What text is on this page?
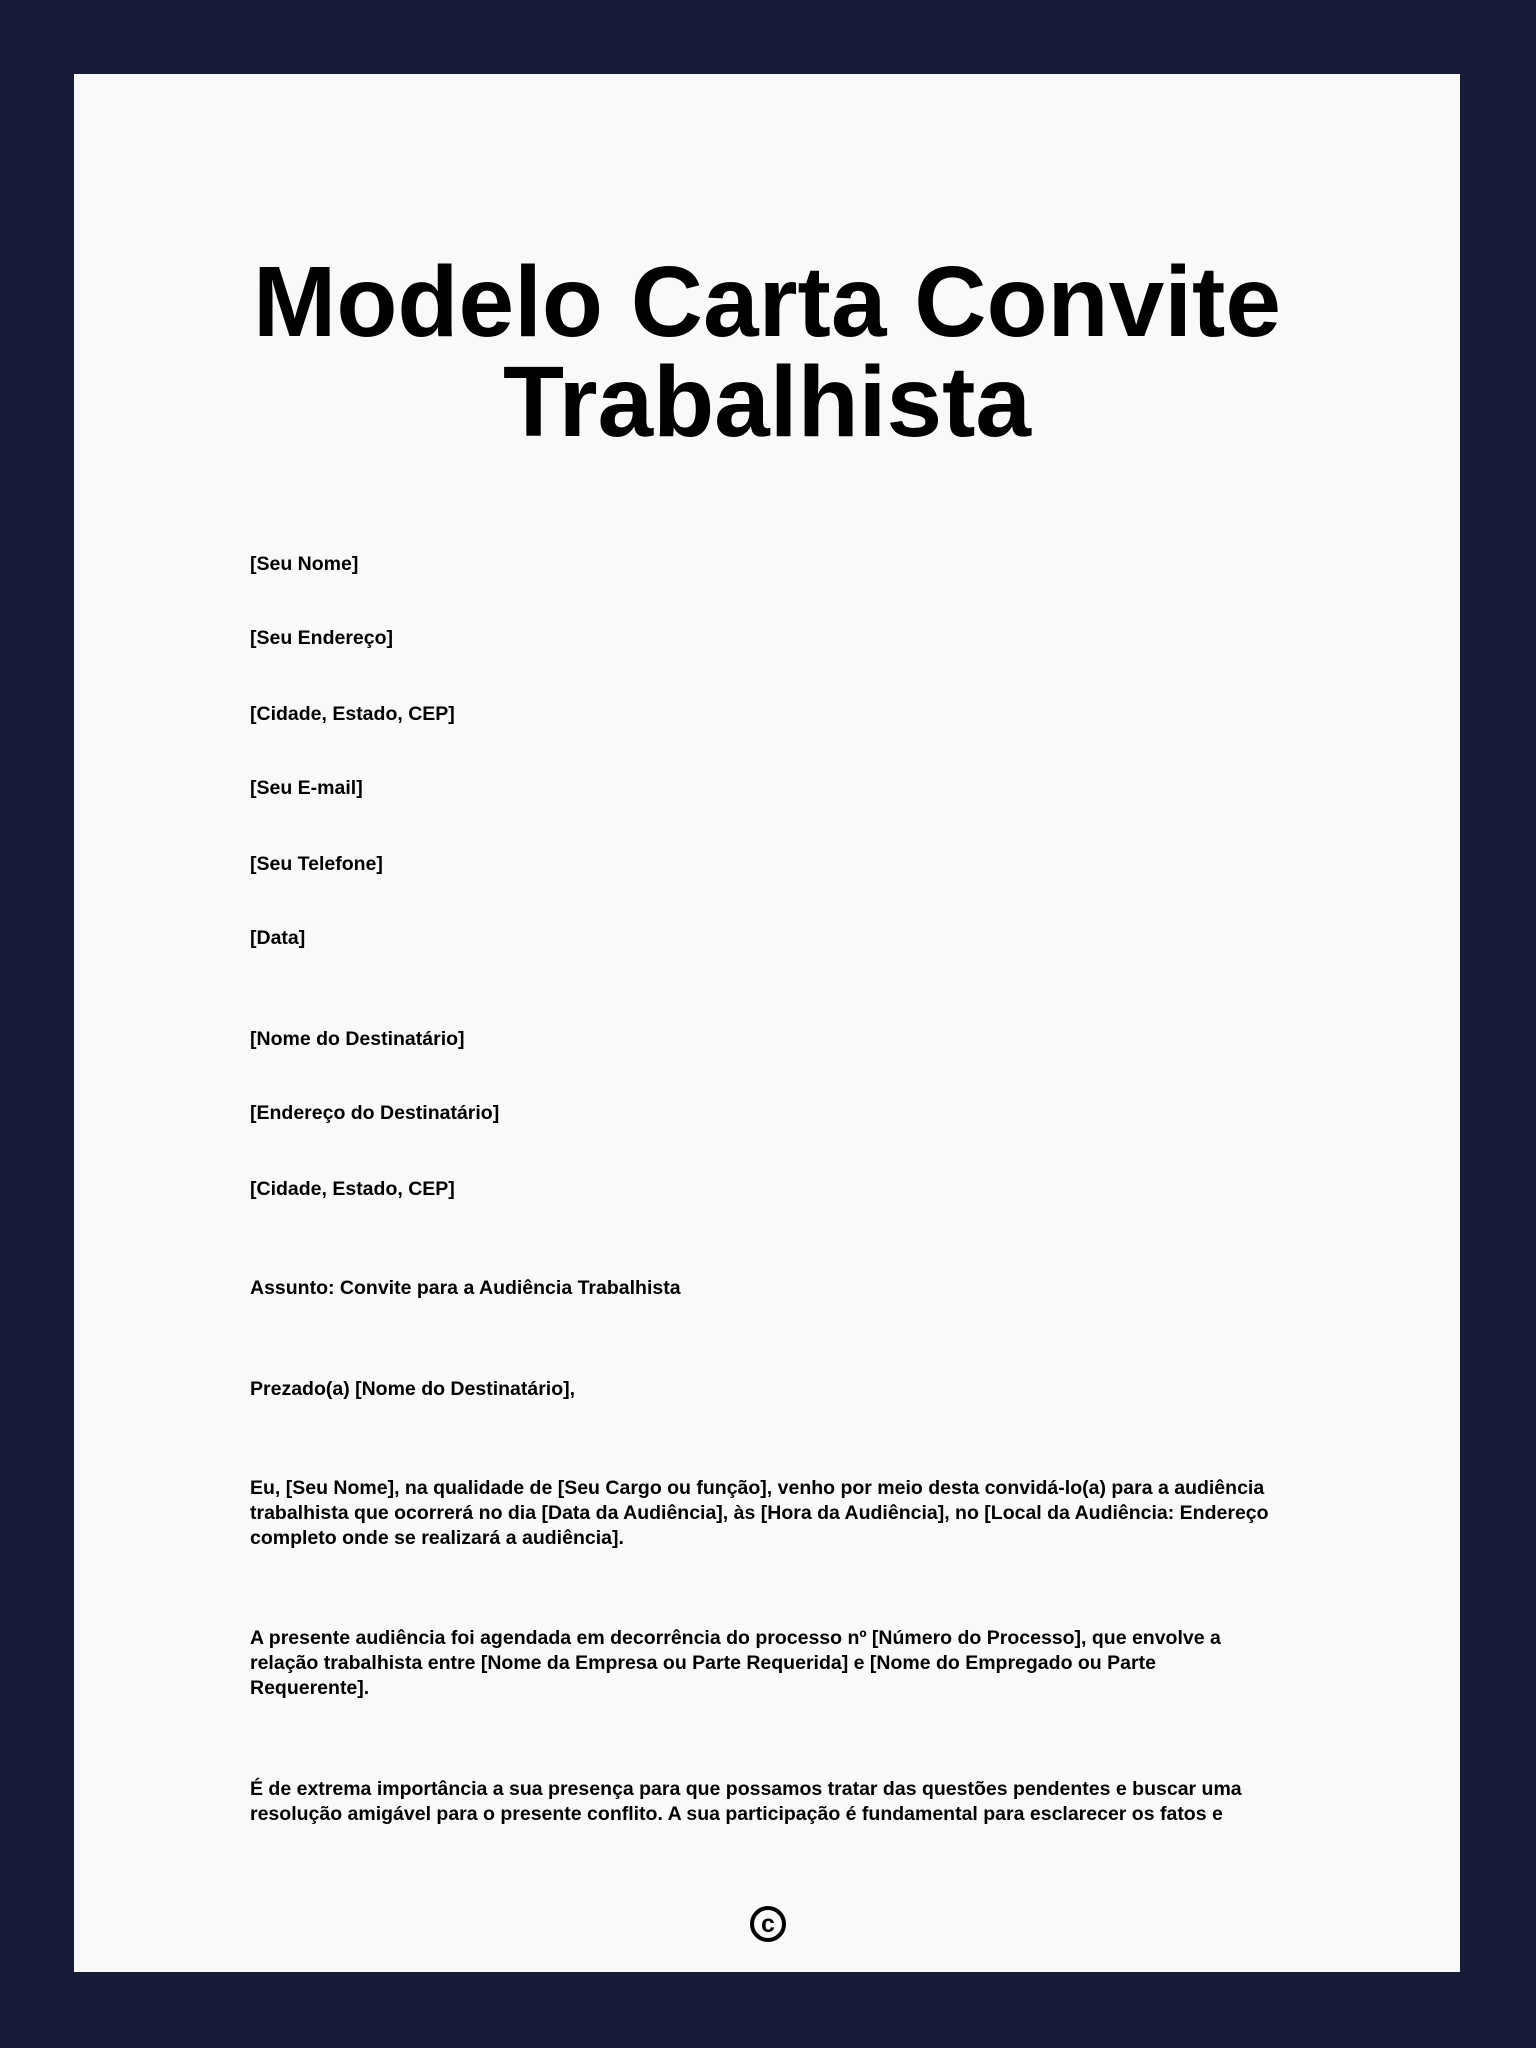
Modelo Carta Convite Trabalhista

[Seu Nome]

[Seu Endereço]

[Cidade, Estado, CEP]

[Seu E-mail]

[Seu Telefone]

[Data]

[Nome do Destinatário]

[Endereço do Destinatário]

[Cidade, Estado, CEP]

Assunto: Convite para a Audiência Trabalhista

Prezado(a) [Nome do Destinatário],

Eu, [Seu Nome], na qualidade de [Seu Cargo ou função], venho por meio desta convidá-lo(a) para a audiência trabalhista que ocorrerá no dia [Data da Audiência], às [Hora da Audiência], no [Local da Audiência: Endereço completo onde se realizará a audiência].

A presente audiência foi agendada em decorrência do processo nº [Número do Processo], que envolve a relação trabalhista entre [Nome da Empresa ou Parte Requerida] e [Nome do Empregado ou Parte Requerente].

É de extrema importância a sua presença para que possamos tratar das questões pendentes e buscar uma resolução amigável para o presente conflito. A sua participação é fundamental para esclarecer os fatos e

c
